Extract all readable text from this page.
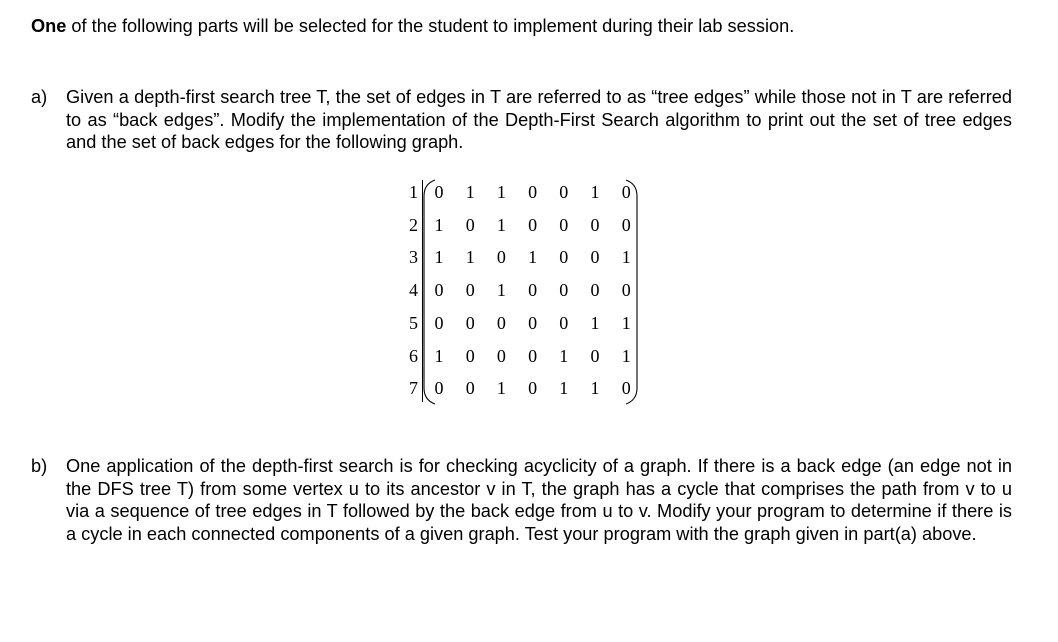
One of the following parts will be selected for the student to implement during their lab session.
a) Given a depth-first search tree T, the set of edges in T are referred to as “tree edges” while those not in T are referred to as “back edges”. Modify the implementation of the Depth-First Search algorithm to print out the set of tree edges and the set of back edges for the following graph.
1
2
3
4
5
6
7
0 1 1 0 0 1 0
1 0 1 0 0 0 0
1 1 0 1 0 0 1
0 0 1 0 0 0 0
0 0 0 0 0 1 1
1 0 0 0 1 0 1
0 0 1 0 1 1 0
b) One application of the depth-first search is for checking acyclicity of a graph. If there is a back edge (an edge not in the DFS tree T) from some vertex u to its ancestor v in T, the graph has a cycle that comprises the path from v to u via a sequence of tree edges in T followed by the back edge from u to v. Modify your program to determine if there is a cycle in each connected components of a given graph. Test your program with the graph given in part(a) above.
